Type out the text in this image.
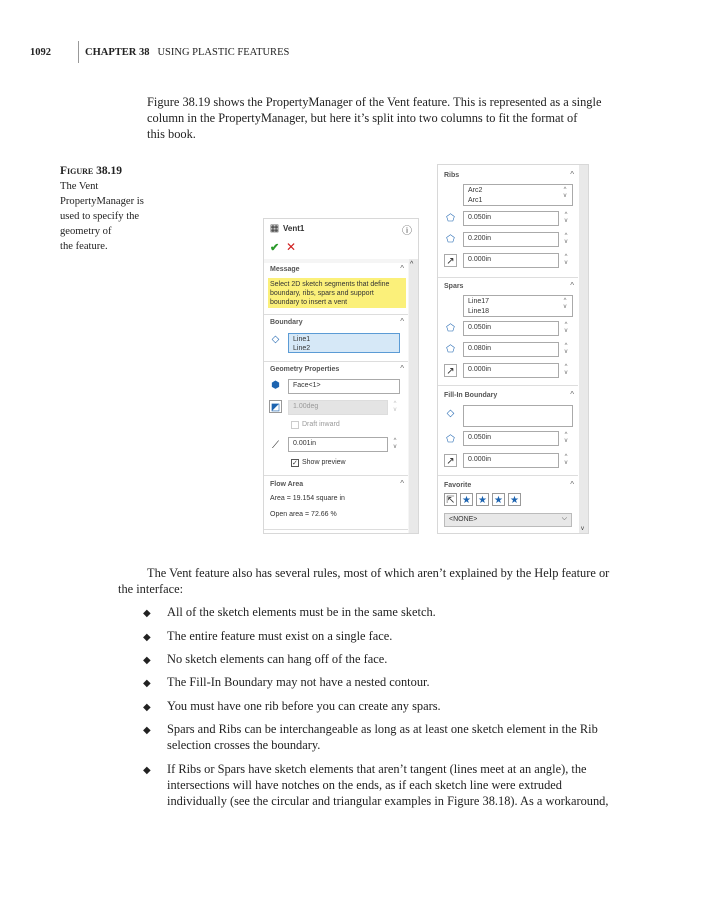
1092	CHAPTER 38 USING PLASTIC FEATURES
Figure 38.19 shows the PropertyManager of the Vent feature. This is represented as a single
column in the PropertyManager, but here it’s split into two columns to fit the format of
this book.
Figure 38.19
The Vent
PropertyManager is
used to specify the
geometry of
the feature.
▦ Vent1	ⓘ
✔ ✕
^
Message	^
Select 2D sketch segments that define
boundary, ribs, spars and support
boundary to insert a vent
Boundary	^
◇	Line1
Line2
Geometry Properties	^
⬢	Face<1>
◩	1.00deg	^
v
Draft inward
⟋	0.001in	^
v
✓ Show preview
Flow Area	^
Area = 19.154 square in
Open area = 72.66 %
v
Ribs	^
Arc2
Arc1
^
v
⬠	0.050in	^
v
⬠	0.200in	^
v
↗	0.000in	^
v
Spars	^
Line17
Line18
^
v
⬠	0.050in	^
v
⬠	0.080in	^
v
↗	0.000in	^
v
Fill-In Boundary	^
◇
⬠	0.050in	^
v
↗	0.000in	^
v
Favorite	^
⇱ ★ ★ ★ ★
<NONE>	⌵
The Vent feature also has several rules, most of which aren’t explained by the Help feature or
the interface:
◆ All of the sketch elements must be in the same sketch.
◆ The entire feature must exist on a single face.
◆ No sketch elements can hang off of the face.
◆ The Fill-In Boundary may not have a nested contour.
◆ You must have one rib before you can create any spars.
◆ Spars and Ribs can be interchangeable as long as at least one sketch element in the Rib
selection crosses the boundary.
◆ If Ribs or Spars have sketch elements that aren’t tangent (lines meet at an angle), the
intersections will have notches on the ends, as if each sketch line were extruded
individually (see the circular and triangular examples in Figure 38.18). As a workaround,
